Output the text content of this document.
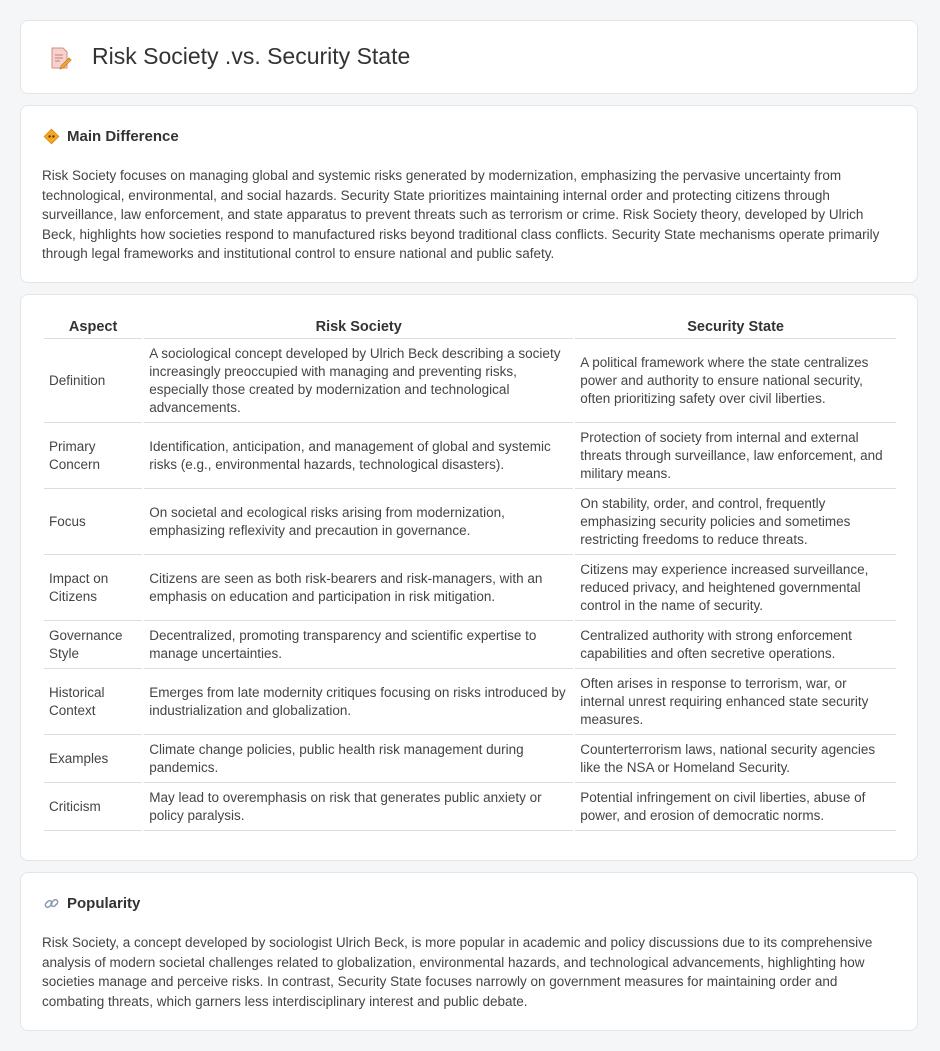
Risk Society .vs. Security State
Main Difference

Risk Society focuses on managing global and systemic risks generated by modernization, emphasizing the pervasive uncertainty from technological, environmental, and social hazards. Security State prioritizes maintaining internal order and protecting citizens through surveillance, law enforcement, and state apparatus to prevent threats such as terrorism or crime. Risk Society theory, developed by Ulrich Beck, highlights how societies respond to manufactured risks beyond traditional class conflicts. Security State mechanisms operate primarily through legal frameworks and institutional control to ensure national and public safety.

Aspect	Risk Society	Security State
Definition	A sociological concept developed by Ulrich Beck describing a society increasingly preoccupied with managing and preventing risks, especially those created by modernization and technological advancements.	A political framework where the state centralizes power and authority to ensure national security, often prioritizing safety over civil liberties.
Primary Concern	Identification, anticipation, and management of global and systemic risks (e.g., environmental hazards, technological disasters).	Protection of society from internal and external threats through surveillance, law enforcement, and military means.
Focus	On societal and ecological risks arising from modernization, emphasizing reflexivity and precaution in governance.	On stability, order, and control, frequently emphasizing security policies and sometimes restricting freedoms to reduce threats.
Impact on Citizens	Citizens are seen as both risk-bearers and risk-managers, with an emphasis on education and participation in risk mitigation.	Citizens may experience increased surveillance, reduced privacy, and heightened governmental control in the name of security.
Governance Style	Decentralized, promoting transparency and scientific expertise to manage uncertainties.	Centralized authority with strong enforcement capabilities and often secretive operations.
Historical Context	Emerges from late modernity critiques focusing on risks introduced by industrialization and globalization.	Often arises in response to terrorism, war, or internal unrest requiring enhanced state security measures.
Examples	Climate change policies, public health risk management during pandemics.	Counterterrorism laws, national security agencies like the NSA or Homeland Security.
Criticism	May lead to overemphasis on risk that generates public anxiety or policy paralysis.	Potential infringement on civil liberties, abuse of power, and erosion of democratic norms.
Popularity

Risk Society, a concept developed by sociologist Ulrich Beck, is more popular in academic and policy discussions due to its comprehensive analysis of modern societal challenges related to globalization, environmental hazards, and technological advancements, highlighting how societies manage and perceive risks. In contrast, Security State focuses narrowly on government measures for maintaining order and combating threats, which garners less interdisciplinary interest and public debate.
